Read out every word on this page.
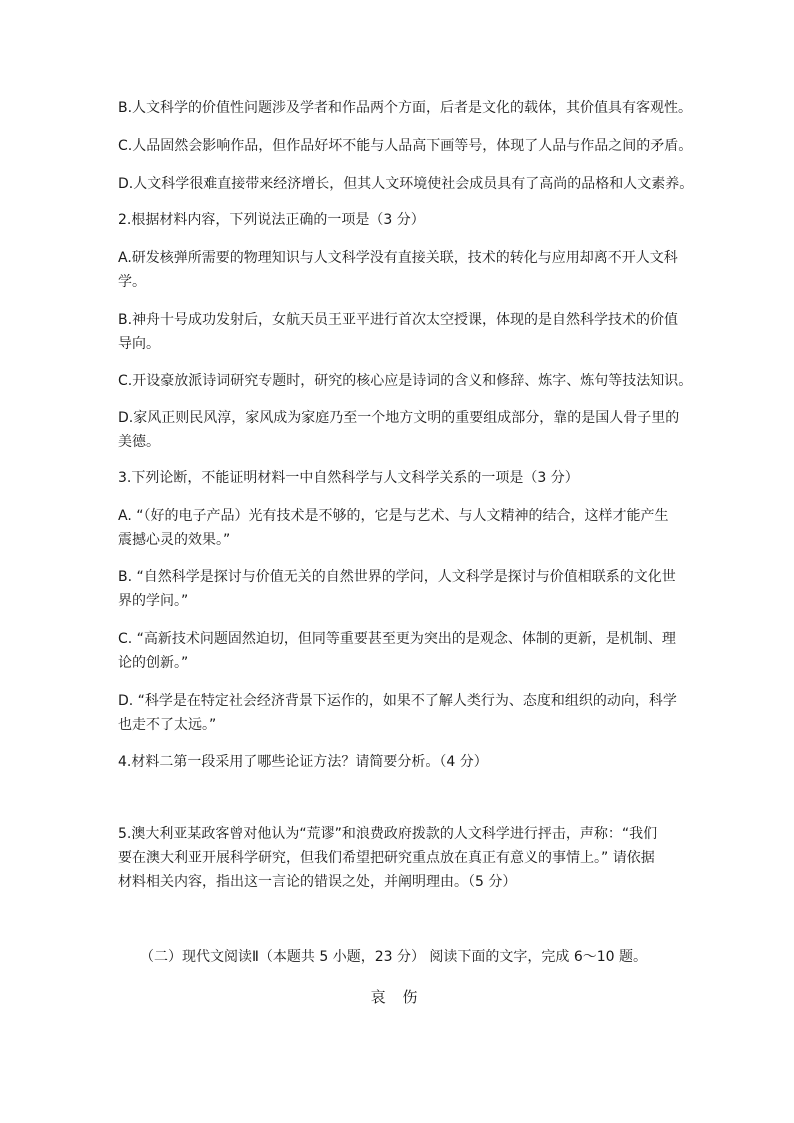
B.人文科学的价值性问题涉及学者和作品两个方面，后者是文化的载体，其价值具有客观性。

C.人品固然会影响作品，但作品好坏不能与人品高下画等号，体现了人品与作品之间的矛盾。

D.人文科学很难直接带来经济增长，但其人文环境使社会成员具有了高尚的品格和人文素养。

2.根据材料内容，下列说法正确的一项是（3 分）

A.研发核弹所需要的物理知识与人文科学没有直接关联，技术的转化与应用却离不开人文科
学。

B.神舟十号成功发射后，女航天员王亚平进行首次太空授课，体现的是自然科学技术的价值
导向。

C.开设豪放派诗词研究专题时，研究的核心应是诗词的含义和修辞、炼字、炼句等技法知识。

D.家风正则民风淳，家风成为家庭乃至一个地方文明的重要组成部分，靠的是国人骨子里的
美德。

3.下列论断，不能证明材料一中自然科学与人文科学关系的一项是（3 分）

A. “（好的电子产品）光有技术是不够的，它是与艺术、与人文精神的结合，这样才能产生
震撼心灵的效果。”

B. “自然科学是探讨与价值无关的自然世界的学问，人文科学是探讨与价值相联系的文化世
界的学问。”

C. “高新技术问题固然迫切，但同等重要甚至更为突出的是观念、体制的更新，是机制、理
论的创新。”

D. “科学是在特定社会经济背景下运作的，如果不了解人类行为、态度和组织的动向，科学
也走不了太远。”

4.材料二第一段采用了哪些论证方法？请简要分析。（4 分）

5.澳大利亚某政客曾对他认为“荒谬”和浪费政府拨款的人文科学进行抨击，声称：“我们
要在澳大利亚开展科学研究，但我们希望把研究重点放在真正有意义的事情上。” 请依据
材料相关内容，指出这一言论的错误之处，并阐明理由。（5 分）

（二）现代文阅读Ⅱ（本题共 5 小题，23 分） 阅读下面的文字，完成 6～10 题。

哀 伤
